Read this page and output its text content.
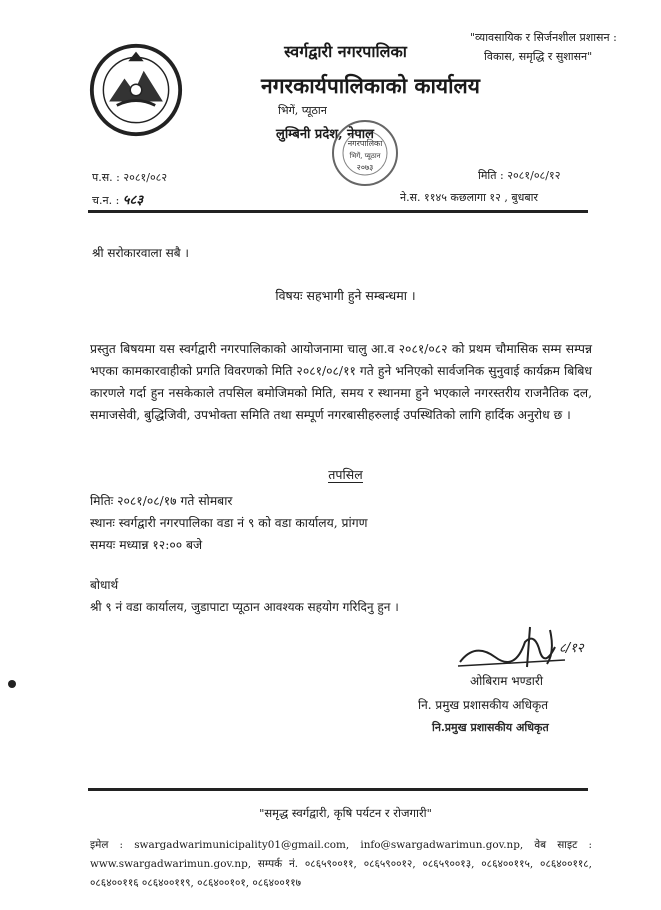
"व्यावसायिक र सिर्जनशील प्रशासन :
विकास, समृद्धि र सुशासन"
स्वर्गद्वारी नगरपालिका
नगरकार्यपालिकाको कार्यालय
भिगें, प्यूठान
लुम्बिनी प्रदेश, नेपाल
नगरपालिका
भिगें, प्यूठान
२०७३
प.स. : २०८१/०८२
च.न. : ५८३
मिति : २०८१/०८/१२
ने.स. ११४५ कछलागा १२ , बुधबार
श्री सरोकारवाला सबै ।
विषयः सहभागी हुने सम्बन्धमा ।
प्रस्तुत बिषयमा यस स्वर्गद्वारी नगरपालिकाको आयोजनामा चालु आ.व २०८१/०८२ को प्रथम चौमासिक सम्म सम्पन्न भएका कामकारवाहीको प्रगति विवरणको मिति २०८१/०८/११ गते हुने भनिएको सार्वजनिक सुनुवाई कार्यक्रम बिबिध कारणले गर्दा हुन नसकेकाले तपसिल बमोजिमको मिति, समय र स्थानमा हुने भएकाले नगरस्तरीय राजनैतिक दल, समाजसेवी, बुद्धिजिवी, उपभोक्ता समिति तथा सम्पूर्ण नगरबासीहरुलाई उपस्थितिको लागि हार्दिक अनुरोध छ ।
तपसिल
मितिः २०८१/०८/१७ गते सोमबार
स्थानः स्वर्गद्वारी नगरपालिका वडा नं ९ को वडा कार्यालय, प्रांगण
समयः मध्यान्न १२:०० बजे
बोधार्थ
श्री ९ नं वडा कार्यालय, जुडापाटा प्यूठान आवश्यक सहयोग गरिदिनु हुन ।
८/१२
ओबिराम भण्डारी
नि. प्रमुख प्रशासकीय अधिकृत
नि.प्रमुख प्रशासकीय अधिकृत
"समृद्ध स्वर्गद्वारी, कृषि पर्यटन र रोजगारी"
इमेल : swargadwarimunicipality01@gmail.com, info@swargadwarimun.gov.np, वेब साइट : www.swargadwarimun.gov.np, सम्पर्क नं. ०८६५९००११, ०८६५९००१२, ०८६५९००१३, ०८६४००११५, ०८६४००११८, ०८६४००११६ ०८६४००११९, ०८६४००१०१, ०८६४००११७
